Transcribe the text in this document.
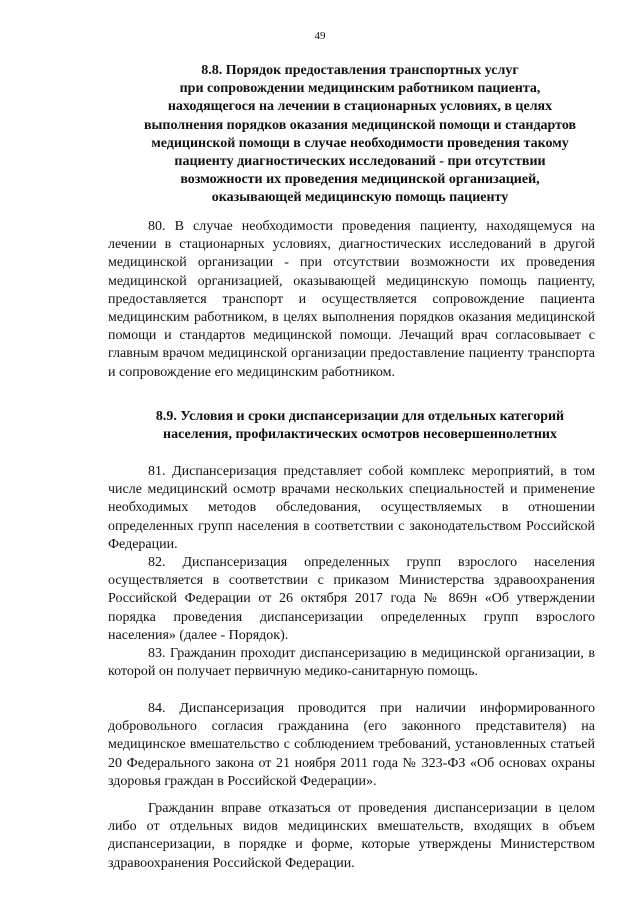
49
8.8. Порядок предоставления транспортных услуг
при сопровождении медицинским работником пациента,
находящегося на лечении в стационарных условиях, в целях
выполнения порядков оказания медицинской помощи и стандартов
медицинской помощи в случае необходимости проведения такому
пациенту диагностических исследований - при отсутствии
возможности их проведения медицинской организацией,
оказывающей медицинскую помощь пациенту

80. В случае необходимости проведения пациенту, находящемуся на лечении в стационарных условиях, диагностических исследований в другой медицинской организации - при отсутствии возможности их проведения медицинской организацией, оказывающей медицинскую помощь пациенту, предоставляется транспорт и осуществляется сопровождение пациента медицинским работником, в целях выполнения порядков оказания медицинской помощи и стандартов медицинской помощи. Лечащий врач согласовывает с главным врачом медицинской организации предоставление пациенту транспорта и сопровождение его медицинским работником.

8.9. Условия и сроки диспансеризации для отдельных категорий
населения, профилактических осмотров несовершеннолетних

81. Диспансеризация представляет собой комплекс мероприятий, в том числе медицинский осмотр врачами нескольких специальностей и применение необходимых методов обследования, осуществляемых в отношении определенных групп населения в соответствии с законодательством Российской Федерации.

82. Диспансеризация определенных групп взрослого населения осуществляется в соответствии с приказом Министерства здравоохранения Российской Федерации от 26 октября 2017 года № 869н «Об утверждении порядка проведения диспансеризации определенных групп взрослого населения» (далее - Порядок).

83. Гражданин проходит диспансеризацию в медицинской организации, в которой он получает первичную медико-санитарную помощь.

84. Диспансеризация проводится при наличии информированного добровольного согласия гражданина (его законного представителя) на медицинское вмешательство с соблюдением требований, установленных статьей 20 Федерального закона от 21 ноября 2011 года № 323-ФЗ «Об основах охраны здоровья граждан в Российской Федерации».

Гражданин вправе отказаться от проведения диспансеризации в целом либо от отдельных видов медицинских вмешательств, входящих в объем диспансеризации, в порядке и форме, которые утверждены Министерством здравоохранения Российской Федерации.
